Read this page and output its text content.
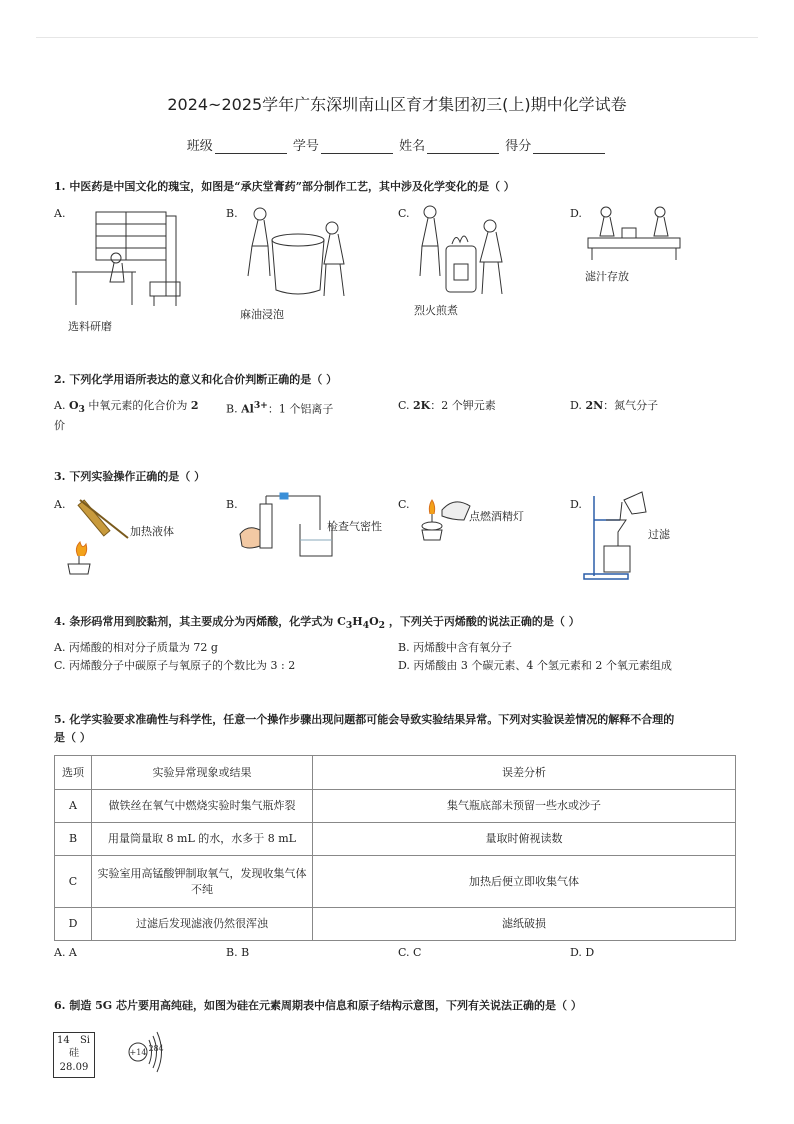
2024~2025学年广东深圳南山区育才集团初三(上)期中化学试卷
班级	学号	姓名	得分
1. 中医药是中国文化的瑰宝，如图是“承庆堂膏药”部分制作工艺，其中涉及化学变化的是（ ）
A.
选料研磨
B.
麻油浸泡
C.
烈火煎煮
D.
滤汁存放
2. 下列化学用语所表达的意义和化合价判断正确的是（ ）
A. $O_3$ 中氧元素的化合价为 2
价
B. $Al^{3+}$：1 个铝离子	C. 2K：2 个钾元素	D. 2N：氮气分子
3. 下列实验操作正确的是（ ）
A.
加热液体
B.
检查气密性
C.
点燃酒精灯
D.
过滤
4. 条形码常用到胶黏剂，其主要成分为丙烯酸，化学式为 $C_3H_4O_2$ ，下列关于丙烯酸的说法正确的是（ ）
A. 丙烯酸的相对分子质量为 72 g	B. 丙烯酸中含有氧分子
C. 丙烯酸分子中碳原子与氧原子的个数比为 3 : 2	D. 丙烯酸由 3 个碳元素、4 个氢元素和 2 个氧元素组成
5. 化学实验要求准确性与科学性，任意一个操作步骤出现问题都可能会导致实验结果异常。下列对实验误差情况的解释不合理的
是（ ）
选项	实验异常现象或结果	误差分析
A	做铁丝在氧气中燃烧实验时集气瓶炸裂	集气瓶底部未预留一些水或沙子
B	用量筒量取 8 mL 的水，水多于 8 mL	量取时俯视读数
C	实验室用高锰酸钾制取氧气，发现收集气体不纯	加热后便立即收集气体
D	过滤后发现滤液仍然很浑浊	滤纸破损
A. A	B. B	C. C	D. D
6. 制造 5G 芯片要用高纯硅，如图为硅在元素周期表中信息和原子结构示意图，下列有关说法正确的是（ ）
14 Si
硅
28.09
+14 2 8 4
